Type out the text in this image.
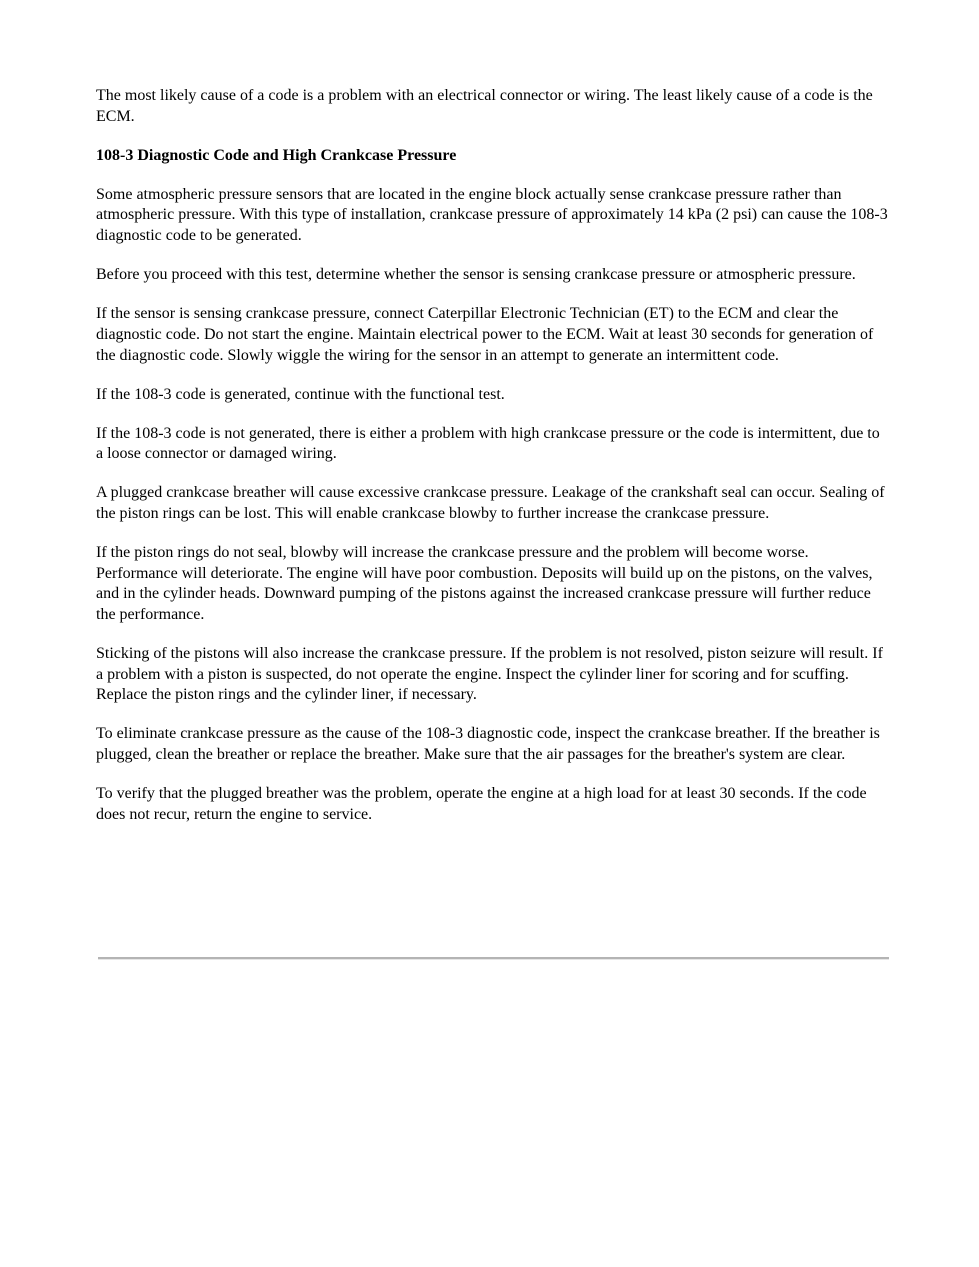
The most likely cause of a code is a problem with an electrical connector or wiring. The least likely cause of a code is the ECM.

108-3 Diagnostic Code and High Crankcase Pressure

Some atmospheric pressure sensors that are located in the engine block actually sense crankcase pressure rather than atmospheric pressure. With this type of installation, crankcase pressure of approximately 14 kPa (2 psi) can cause the 108-3 diagnostic code to be generated.

Before you proceed with this test, determine whether the sensor is sensing crankcase pressure or atmospheric pressure.

If the sensor is sensing crankcase pressure, connect Caterpillar Electronic Technician (ET) to the ECM and clear the diagnostic code. Do not start the engine. Maintain electrical power to the ECM. Wait at least 30 seconds for generation of the diagnostic code. Slowly wiggle the wiring for the sensor in an attempt to generate an intermittent code.

If the 108-3 code is generated, continue with the functional test.

If the 108-3 code is not generated, there is either a problem with high crankcase pressure or the code is intermittent, due to a loose connector or damaged wiring.

A plugged crankcase breather will cause excessive crankcase pressure. Leakage of the crankshaft seal can occur. Sealing of the piston rings can be lost. This will enable crankcase blowby to further increase the crankcase pressure.

If the piston rings do not seal, blowby will increase the crankcase pressure and the problem will become worse. Performance will deteriorate. The engine will have poor combustion. Deposits will build up on the pistons, on the valves, and in the cylinder heads. Downward pumping of the pistons against the increased crankcase pressure will further reduce the performance.

Sticking of the pistons will also increase the crankcase pressure. If the problem is not resolved, piston seizure will result. If a problem with a piston is suspected, do not operate the engine. Inspect the cylinder liner for scoring and for scuffing. Replace the piston rings and the cylinder liner, if necessary.

To eliminate crankcase pressure as the cause of the 108-3 diagnostic code, inspect the crankcase breather. If the breather is plugged, clean the breather or replace the breather. Make sure that the air passages for the breather's system are clear.

To verify that the plugged breather was the problem, operate the engine at a high load for at least 30 seconds. If the code does not recur, return the engine to service.
